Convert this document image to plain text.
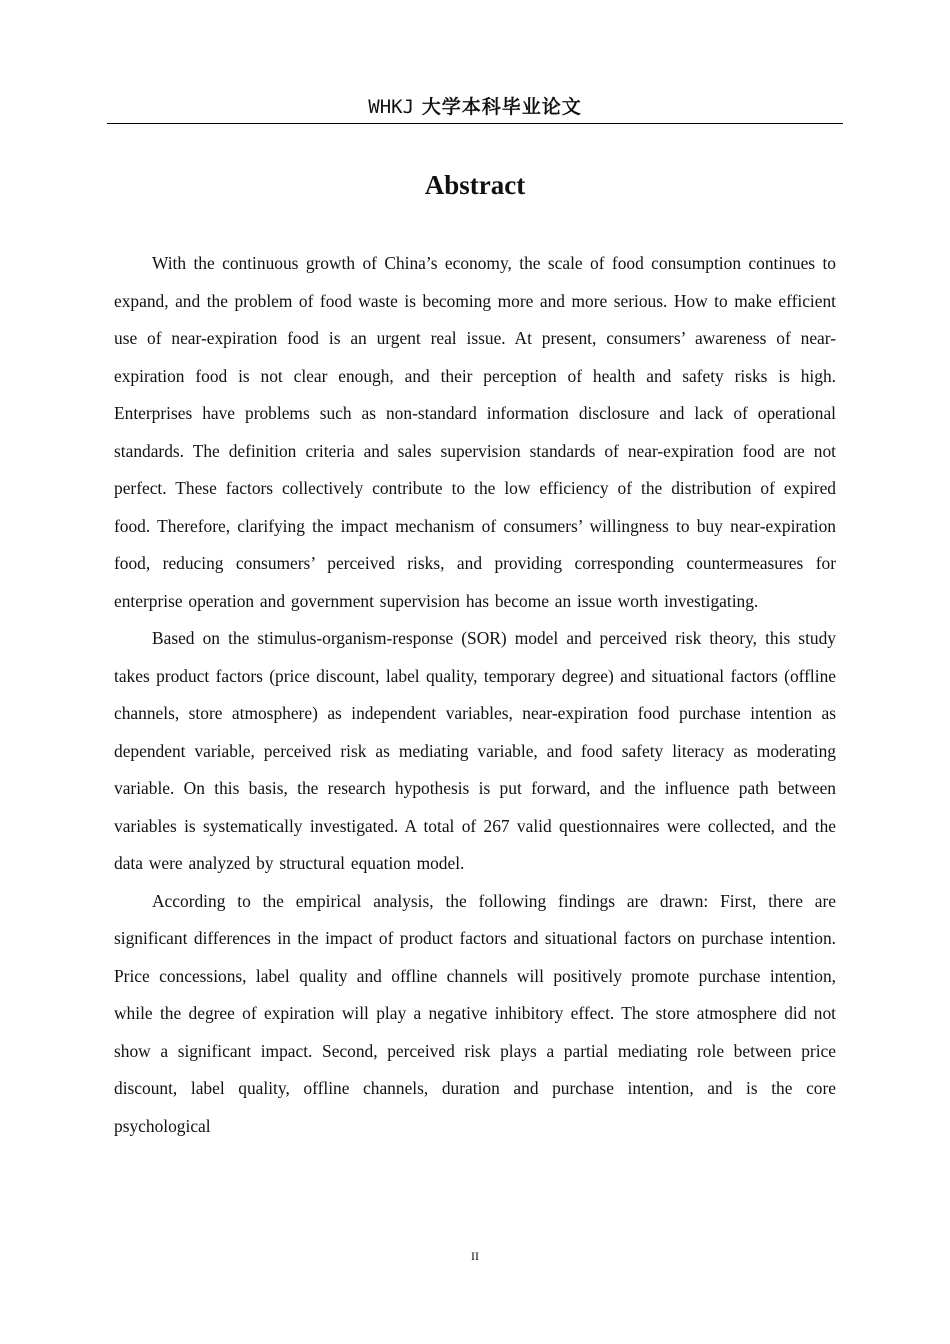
WHKJ 大学本科毕业论文
Abstract

With the continuous growth of China’s economy, the scale of food consumption continues to expand, and the problem of food waste is becoming more and more serious. How to make efficient use of near-expiration food is an urgent real issue. At present, consumers’ awareness of near-expiration food is not clear enough, and their perception of health and safety risks is high. Enterprises have problems such as non-standard information disclosure and lack of operational standards. The definition criteria and sales supervision standards of near-expiration food are not perfect. These factors collectively contribute to the low efficiency of the distribution of expired food. Therefore, clarifying the impact mechanism of consumers’ willingness to buy near-expiration food, reducing consumers’ perceived risks, and providing corresponding countermeasures for enterprise operation and government supervision has become an issue worth investigating.

Based on the stimulus-organism-response (SOR) model and perceived risk theory, this study takes product factors (price discount, label quality, temporary degree) and situational factors (offline channels, store atmosphere) as independent variables, near-expiration food purchase intention as dependent variable, perceived risk as mediating variable, and food safety literacy as moderating variable. On this basis, the research hypothesis is put forward, and the influence path between variables is systematically investigated. A total of 267 valid questionnaires were collected, and the data were analyzed by structural equation model.

According to the empirical analysis, the following findings are drawn: First, there are significant differences in the impact of product factors and situational factors on purchase intention. Price concessions, label quality and offline channels will positively promote purchase intention, while the degree of expiration will play a negative inhibitory effect. The store atmosphere did not show a significant impact. Second, perceived risk plays a partial mediating role between price discount, label quality, offline channels, duration and purchase intention, and is the core psychological

II
